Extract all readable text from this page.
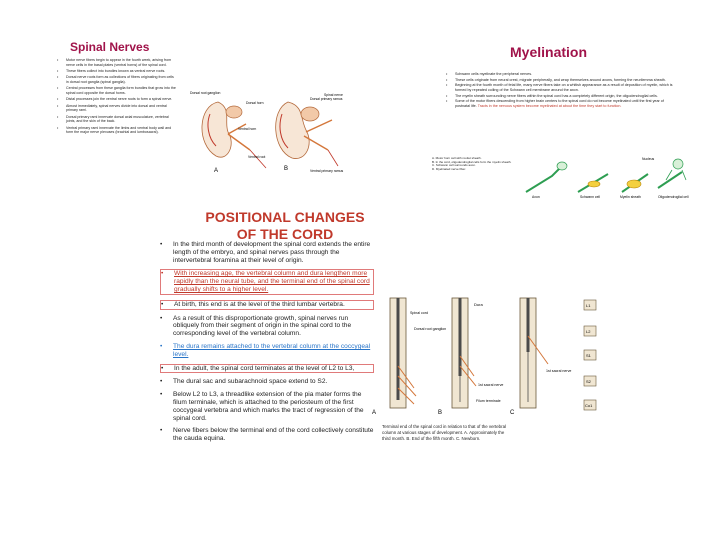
Spinal Nerves
• Motor nerve fibers begin to appear in the fourth week, arising from nerve cells in the basal plates (ventral horns) of the spinal cord.
• These fibers collect into bundles known as ventral nerve roots.
• Dorsal nerve roots form as collections of fibers originating from cells in dorsal root ganglia (spinal ganglia).
• Central processes from these ganglia form bundles that grow into the spinal cord opposite the dorsal horns.
• Distal processes join the ventral nerve roots to form a spinal nerve.
• Almost immediately, spinal nerves divide into dorsal and ventral primary rami.
• Dorsal primary rami innervate dorsal axial musculature, vertebral joints, and the skin of the back.
• Ventral primary rami innervate the limbs and ventral body wall and form the major nerve plexuses (brachial and lumbosacral).
Dorsal root ganglion
Dorsal horn
Ventral horn
Spinal nerve
Ventral root
Dorsal primary ramus
Ventral primary ramus
A	B
Myelination
• Schwann cells myelinate the peripheral nerves.
• These cells originate from neural crest, migrate peripherally, and wrap themselves around axons, forming the neurilemma sheath.
• Beginning at the fourth month of fetal life, many nerve fibers take on a whitish appearance as a result of deposition of myelin, which is formed by repeated coiling of the Schwann cell membrane around the axon.
• The myelin sheath surrounding nerve fibers within the spinal cord has a completely different origin, the oligodendroglial cells.
• Some of the motor fibers descending from higher brain centers to the spinal cord do not become myelinated until the first year of postnatal life. Tracts in the nervous system become myelinated at about the time they start to function.
A. Motor horn cell with rootlet sheath.
B. In the cord, oligodendroglial cells form the myelin sheath.
C. Schwann cell surrounds axon.
D. Myelinated nerve fiber.
Axon	Schwann cell	Myelin sheath	Oligodendroglial cell
Nucleus
POSITIONAL CHANGES
OF THE CORD
• In the third month of development the spinal cord extends the entire length of the embryo, and spinal nerves pass through the intervertebral foramina at their level of origin.
• With increasing age, the vertebral column and dura lengthen more rapidly than the neural tube, and the terminal end of the spinal cord gradually shifts to a higher level.
• At birth, this end is at the level of the third lumbar vertebra.
• As a result of this disproportionate growth, spinal nerves run obliquely from their segment of origin in the spinal cord to the corresponding level of the vertebral column.
• The dura remains attached to the vertebral column at the coccygeal level.
• In the adult, the spinal cord terminates at the level of L2 to L3,
• The dural sac and subarachnoid space extend to S2.
• Below L2 to L3, a threadlike extension of the pia mater forms the filum terminale, which is attached to the periosteum of the first coccygeal vertebra and which marks the tract of regression of the spinal cord.
• Nerve fibers below the terminal end of the cord collectively constitute the cauda equina.
L1
L2
S1
S2
Co1
Dura
Dorsal root ganglion
Spinal cord
1st sacral nerve
Filum terminale
A	B	C
1st sacral nerve
Terminal end of the spinal cord in relation to that of the vertebral column at various stages of development. A. Approximately the third month. B. End of the fifth month. C. Newborn.
